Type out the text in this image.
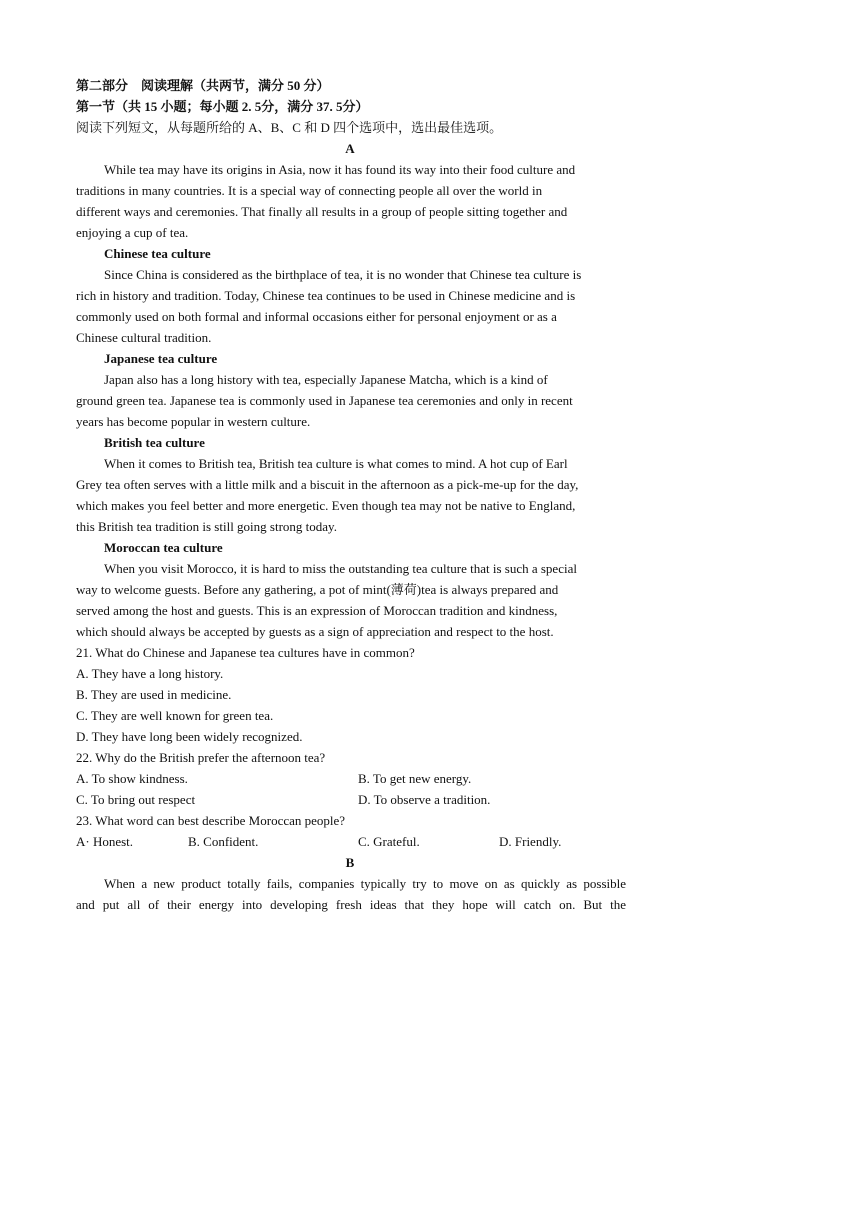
第二部分　阅读理解（共两节，满分 50 分）
第一节（共 15 小题；每小题 2. 5分，满分 37. 5分）
阅读下列短文，从每题所给的 A、B、C 和 D 四个选项中，选出最佳选项。
A
While tea may have its origins in Asia, now it has found its way into their food culture and
traditions in many countries. It is a special way of connecting people all over the world in
different ways and ceremonies. That finally all results in a group of people sitting together and
enjoying a cup of tea.
Chinese tea culture
Since China is considered as the birthplace of tea, it is no wonder that Chinese tea culture is
rich in history and tradition. Today, Chinese tea continues to be used in Chinese medicine and is
commonly used on both formal and informal occasions either for personal enjoyment or as a
Chinese cultural tradition.
Japanese tea culture
Japan also has a long history with tea, especially Japanese Matcha, which is a kind of
ground green tea. Japanese tea is commonly used in Japanese tea ceremonies and only in recent
years has become popular in western culture.
British tea culture
When it comes to British tea, British tea culture is what comes to mind. A hot cup of Earl
Grey tea often serves with a little milk and a biscuit in the afternoon as a pick-me-up for the day,
which makes you feel better and more energetic. Even though tea may not be native to England,
this British tea tradition is still going strong today.
Moroccan tea culture
When you visit Morocco, it is hard to miss the outstanding tea culture that is such a special
way to welcome guests. Before any gathering, a pot of mint(薄荷)tea is always prepared and
served among the host and guests. This is an expression of Moroccan tradition and kindness,
which should always be accepted by guests as a sign of appreciation and respect to the host.
21. What do Chinese and Japanese tea cultures have in common?
A. They have a long history.
B. They are used in medicine.
C. They are well known for green tea.
D. They have long been widely recognized.
22. Why do the British prefer the afternoon tea?
A. To show kindness.	B. To get new energy.
C. To bring out respect	D. To observe a tradition.
23. What word can best describe Moroccan people?
A· Honest.	B. Confident.	C. Grateful.	D. Friendly.
B
When a new product totally fails, companies typically try to move on as quickly as possible
and put all of their energy into developing fresh ideas that they hope will catch on. But the
